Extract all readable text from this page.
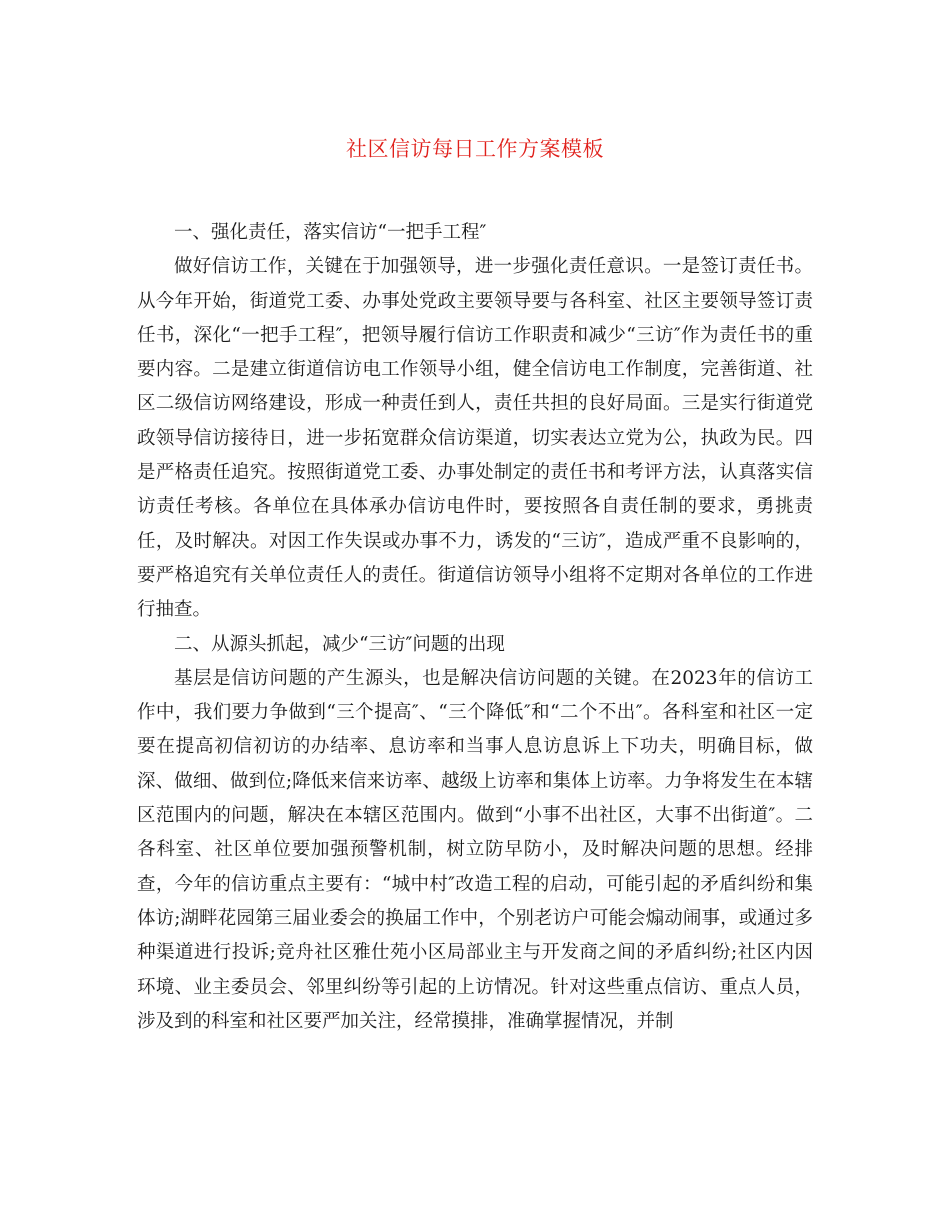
社区信访每日工作方案模板

一、强化责任，落实信访“一把手工程″

做好信访工作，关键在于加强领导，进一步强化责任意识。一是签订责任书。从今年开始，街道党工委、办事处党政主要领导要与各科室、社区主要领导签订责任书，深化“一把手工程″，把领导履行信访工作职责和减少“三访″作为责任书的重要内容。二是建立街道信访电工作领导小组，健全信访电工作制度，完善街道、社区二级信访网络建设，形成一种责任到人，责任共担的良好局面。三是实行街道党政领导信访接待日，进一步拓宽群众信访渠道，切实表达立党为公，执政为民。四是严格责任追究。按照街道党工委、办事处制定的责任书和考评方法，认真落实信访责任考核。各单位在具体承办信访电件时，要按照各自责任制的要求，勇挑责任，及时解决。对因工作失误或办事不力，诱发的“三访″，造成严重不良影响的，要严格追究有关单位责任人的责任。街道信访领导小组将不定期对各单位的工作进行抽查。

二、从源头抓起，减少“三访″问题的出现

基层是信访问题的产生源头，也是解决信访问题的关键。在2023年的信访工作中，我们要力争做到“三个提高″、“三个降低″和“二个不出″。各科室和社区一定要在提高初信初访的办结率、息访率和当事人息访息诉上下功夫，明确目标，做深、做细、做到位;降低来信来访率、越级上访率和集体上访率。力争将发生在本辖区范围内的问题，解决在本辖区范围内。做到“小事不出社区，大事不出街道″。二各科室、社区单位要加强预警机制，树立防早防小，及时解决问题的思想。经排查，今年的信访重点主要有：“城中村″改造工程的启动，可能引起的矛盾纠纷和集体访;湖畔花园第三届业委会的换届工作中，个别老访户可能会煽动闹事，或通过多种渠道进行投诉;竞舟社区雅仕苑小区局部业主与开发商之间的矛盾纠纷;社区内因环境、业主委员会、邻里纠纷等引起的上访情况。针对这些重点信访、重点人员，涉及到的科室和社区要严加关注，经常摸排，准确掌握情况，并制
